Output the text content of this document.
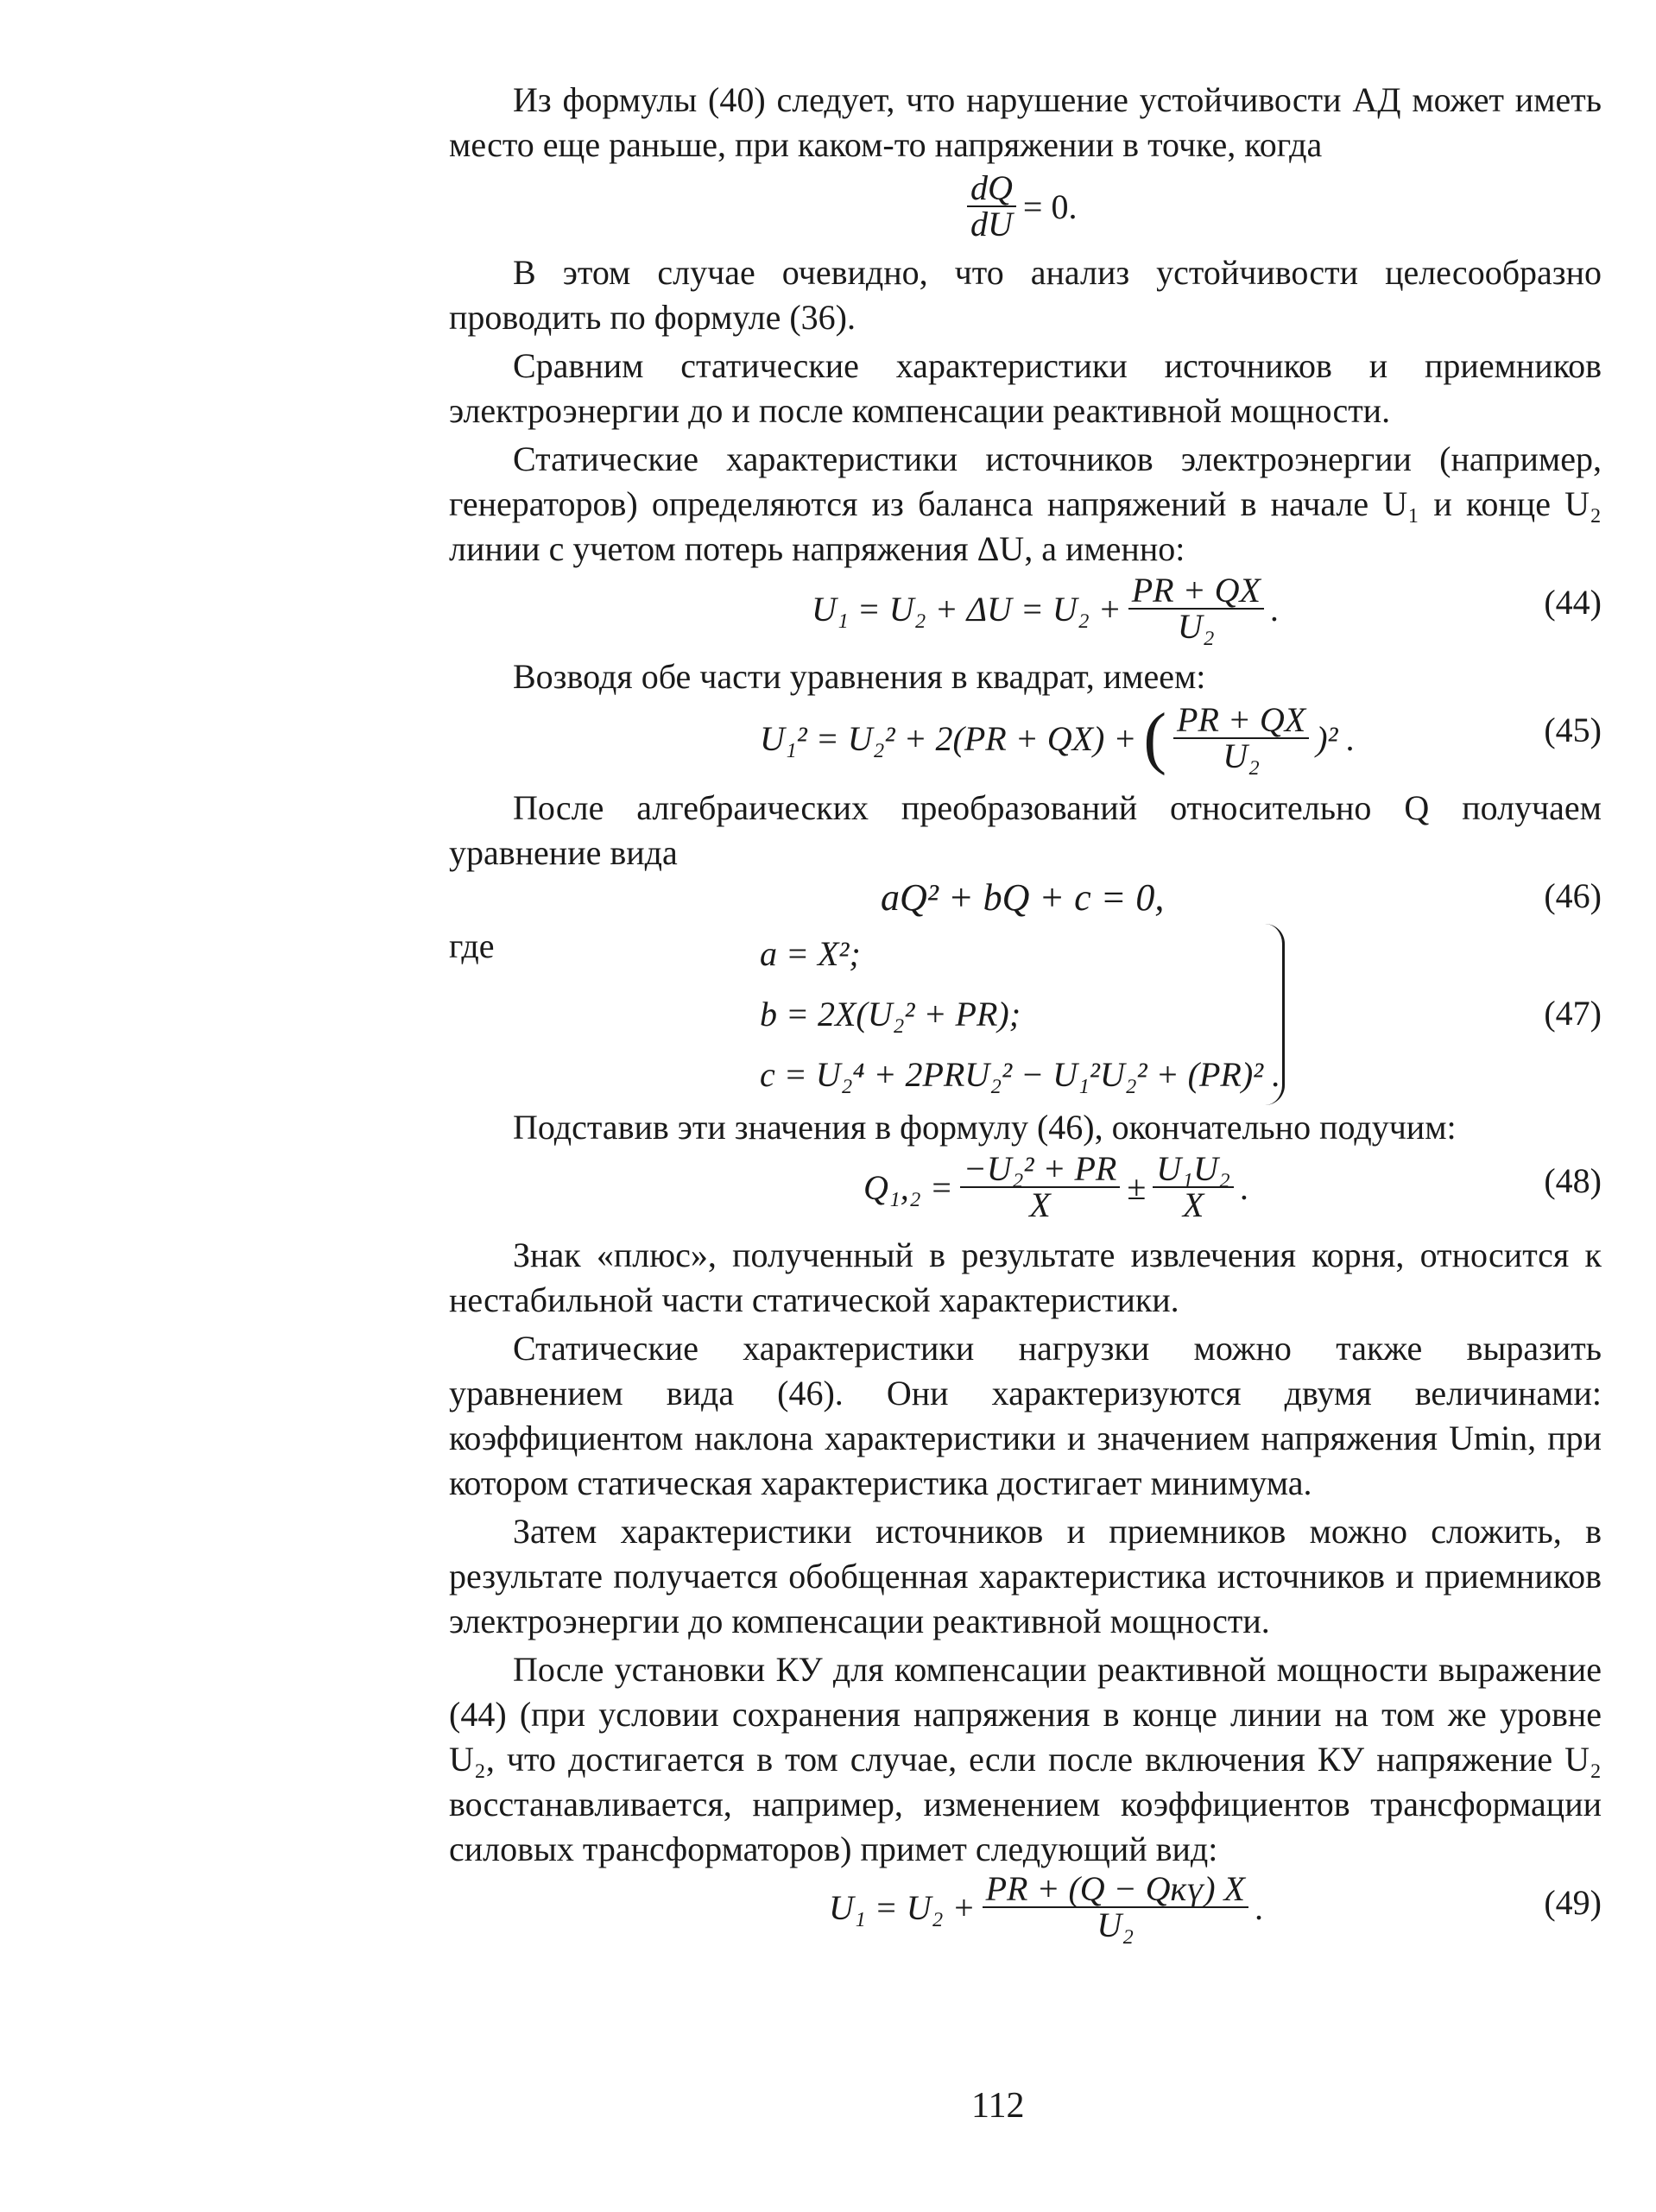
Из формулы (40) следует, что нарушение устойчивости АД может иметь место еще раньше, при каком-то напряжении в точке, когда

$\frac{dQ}{dU} = 0$.

В этом случае очевидно, что анализ устойчивости целесообразно проводить по формуле (36).

Сравним статические характеристики источников и приемников электроэнергии до и после компенсации реактивной мощности.

Статические характеристики источников электроэнергии (например, генераторов) определяются из баланса напряжений в начале U₁ и конце U₂ линии с учетом потерь напряжения ΔU, а именно:

$U_1 = U_2 + \Delta U = U_2 + \frac{PR + QX}{\text{U₂}}$ .	(44)

Возводя обе части уравнения в квадрат, имеем:

U₁² = U₂² + 2(PR + QX) + ( $\frac{PR + QX}{\text{U₂}} )^2$ .	(45)

После алгебраических преобразований относительно Q получаем уравнение вида

aQ² + bQ + c = 0,	(46)
где	a = X²;
b = 2X(U₂² + PR);
c = U₂⁴ + 2PRU₂² − U₁²U₂² + (PR)² .
(47)

Подставив эти значения в формулу (46), окончательно подучим:

$Q_1,_2 = \frac{\text{−U₂² + PR}}{X} \pm \frac{\text{U₁U₂}}{X}$ .	(48)

Знак «плюс», полученный в результате извлечения корня, относится к нестабильной части статической характеристики.

Статические характеристики нагрузки можно также выразить уравнением вида (46). Они характеризуются двумя величинами: коэффициентом наклона характеристики и значением напряжения Umin, при котором статическая характеристика достигает минимума.

Затем характеристики источников и приемников можно сложить, в результате получается обобщенная характеристика источников и приемников электроэнергии до компенсации реактивной мощности.

После установки КУ для компенсации реактивной мощности выражение (44) (при условии сохранения напряжения в конце линии на том же уровне U₂, что достигается в том случае, если после включения КУ напряжение U₂ восстанавливается, например, изменением коэффициентов трансформации силовых трансформаторов) примет следующий вид:

$U_1 = U_2 + \frac{\text{PR + (Q − Qкү) X}}{\text{U₂}}$ .	(49)
112
